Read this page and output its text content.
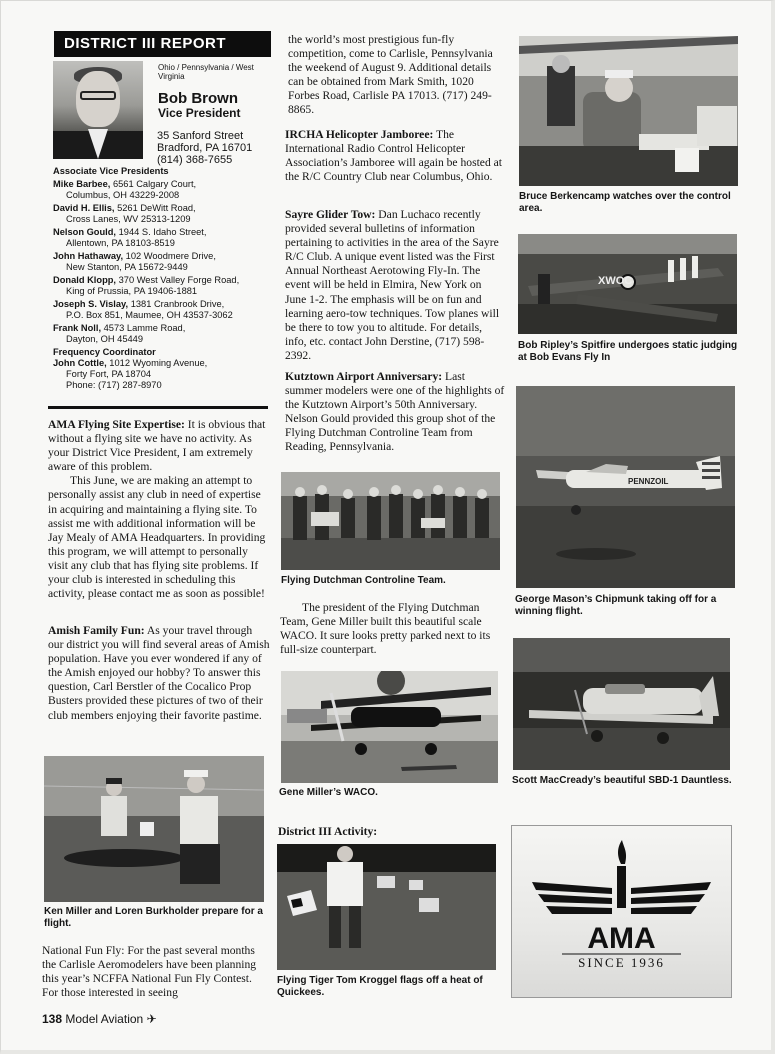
DISTRICT III REPORT
Ohio / Pennsylvania / West Virginia
Bob Brown
Vice President
35 Sanford Street
Bradford, PA 16701
(814) 368-7655
Associate Vice Presidents
Mike Barbee, 6561 Calgary Court,
Columbus, OH 43229-2008
David H. Ellis, 5261 DeWitt Road,
Cross Lanes, WV 25313-1209
Nelson Gould, 1944 S. Idaho Street,
Allentown, PA 18103-8519
John Hathaway, 102 Woodmere Drive,
New Stanton, PA 15672-9449
Donald Klopp, 370 West Valley Forge Road,
King of Prussia, PA 19406-1881
Joseph S. Vislay, 1381 Cranbrook Drive,
P.O. Box 851, Maumee, OH 43537-3062
Frank Noll, 4573 Lamme Road,
Dayton, OH 45449
Frequency Coordinator
John Cottle, 1012 Wyoming Avenue,
Forty Fort, PA 18704
Phone: (717) 287-8970

AMA Flying Site Expertise: It is obvious that without a flying site we have no activity. As your District Vice President, I am extremely aware of this problem.

This June, we are making an attempt to personally assist any club in need of expertise in acquiring and maintaining a flying site. To assist me with additional information will be Jay Mealy of AMA Headquarters. In providing this program, we will attempt to personally visit any club that has flying site problems. If your club is interested in scheduling this activity, please contact me as soon as possible!

Amish Family Fun: As your travel through our district you will find several areas of Amish population. Have you ever wondered if any of the Amish enjoyed our hobby? To answer this question, Carl Berstler of the Cocalico Prop Busters provided these pictures of two of their club members enjoying their favorite pastime.

Ken Miller and Loren Burkholder prepare for a flight.

National Fun Fly: For the past several months the Carlisle Aeromodelers have been planning this year’s NCFFA National Fun Fly Contest. For those interested in seeing

the world’s most prestigious fun-fly competition, come to Carlisle, Pennsylvania the weekend of August 9. Additional details can be obtained from Mark Smith, 1020 Forbes Road, Carlisle PA 17013. (717) 249-8865.

IRCHA Helicopter Jamboree: The International Radio Control Helicopter Association’s Jamboree will again be hosted at the R/C Country Club near Columbus, Ohio.

Sayre Glider Tow: Dan Luchaco recently provided several bulletins of information pertaining to activities in the area of the Sayre R/C Club. A unique event listed was the First Annual Northeast Aerotowing Fly-In. The event will be held in Elmira, New York on June 1-2. The emphasis will be on fun and learning aero-tow techniques. Tow planes will be there to tow you to altitude. For details, info, etc. contact John Derstine, (717) 598-2392.

Kutztown Airport Anniversary: Last summer modelers were one of the highlights of the Kutztown Airport’s 50th Anniversary. Nelson Gould provided this group shot of the Flying Dutchman Controline Team from Reading, Pennsylvania.

Flying Dutchman Controline Team.

The president of the Flying Dutchman Team, Gene Miller built this beautiful scale WACO. It sure looks pretty parked next to its full-size counterpart.

Gene Miller’s WACO.

District III Activity:

Flying Tiger Tom Kroggel flags off a heat of Quickees.
Bruce Berkencamp watches over the control area.
XWOC
Bob Ripley’s Spitfire undergoes static judging at Bob Evans Fly In
PENNZOIL
George Mason’s Chipmunk taking off for a winning flight.
Scott MacCready’s beautiful SBD-1 Dauntless.
AMA
SINCE 1936
138 Model Aviation ✈
